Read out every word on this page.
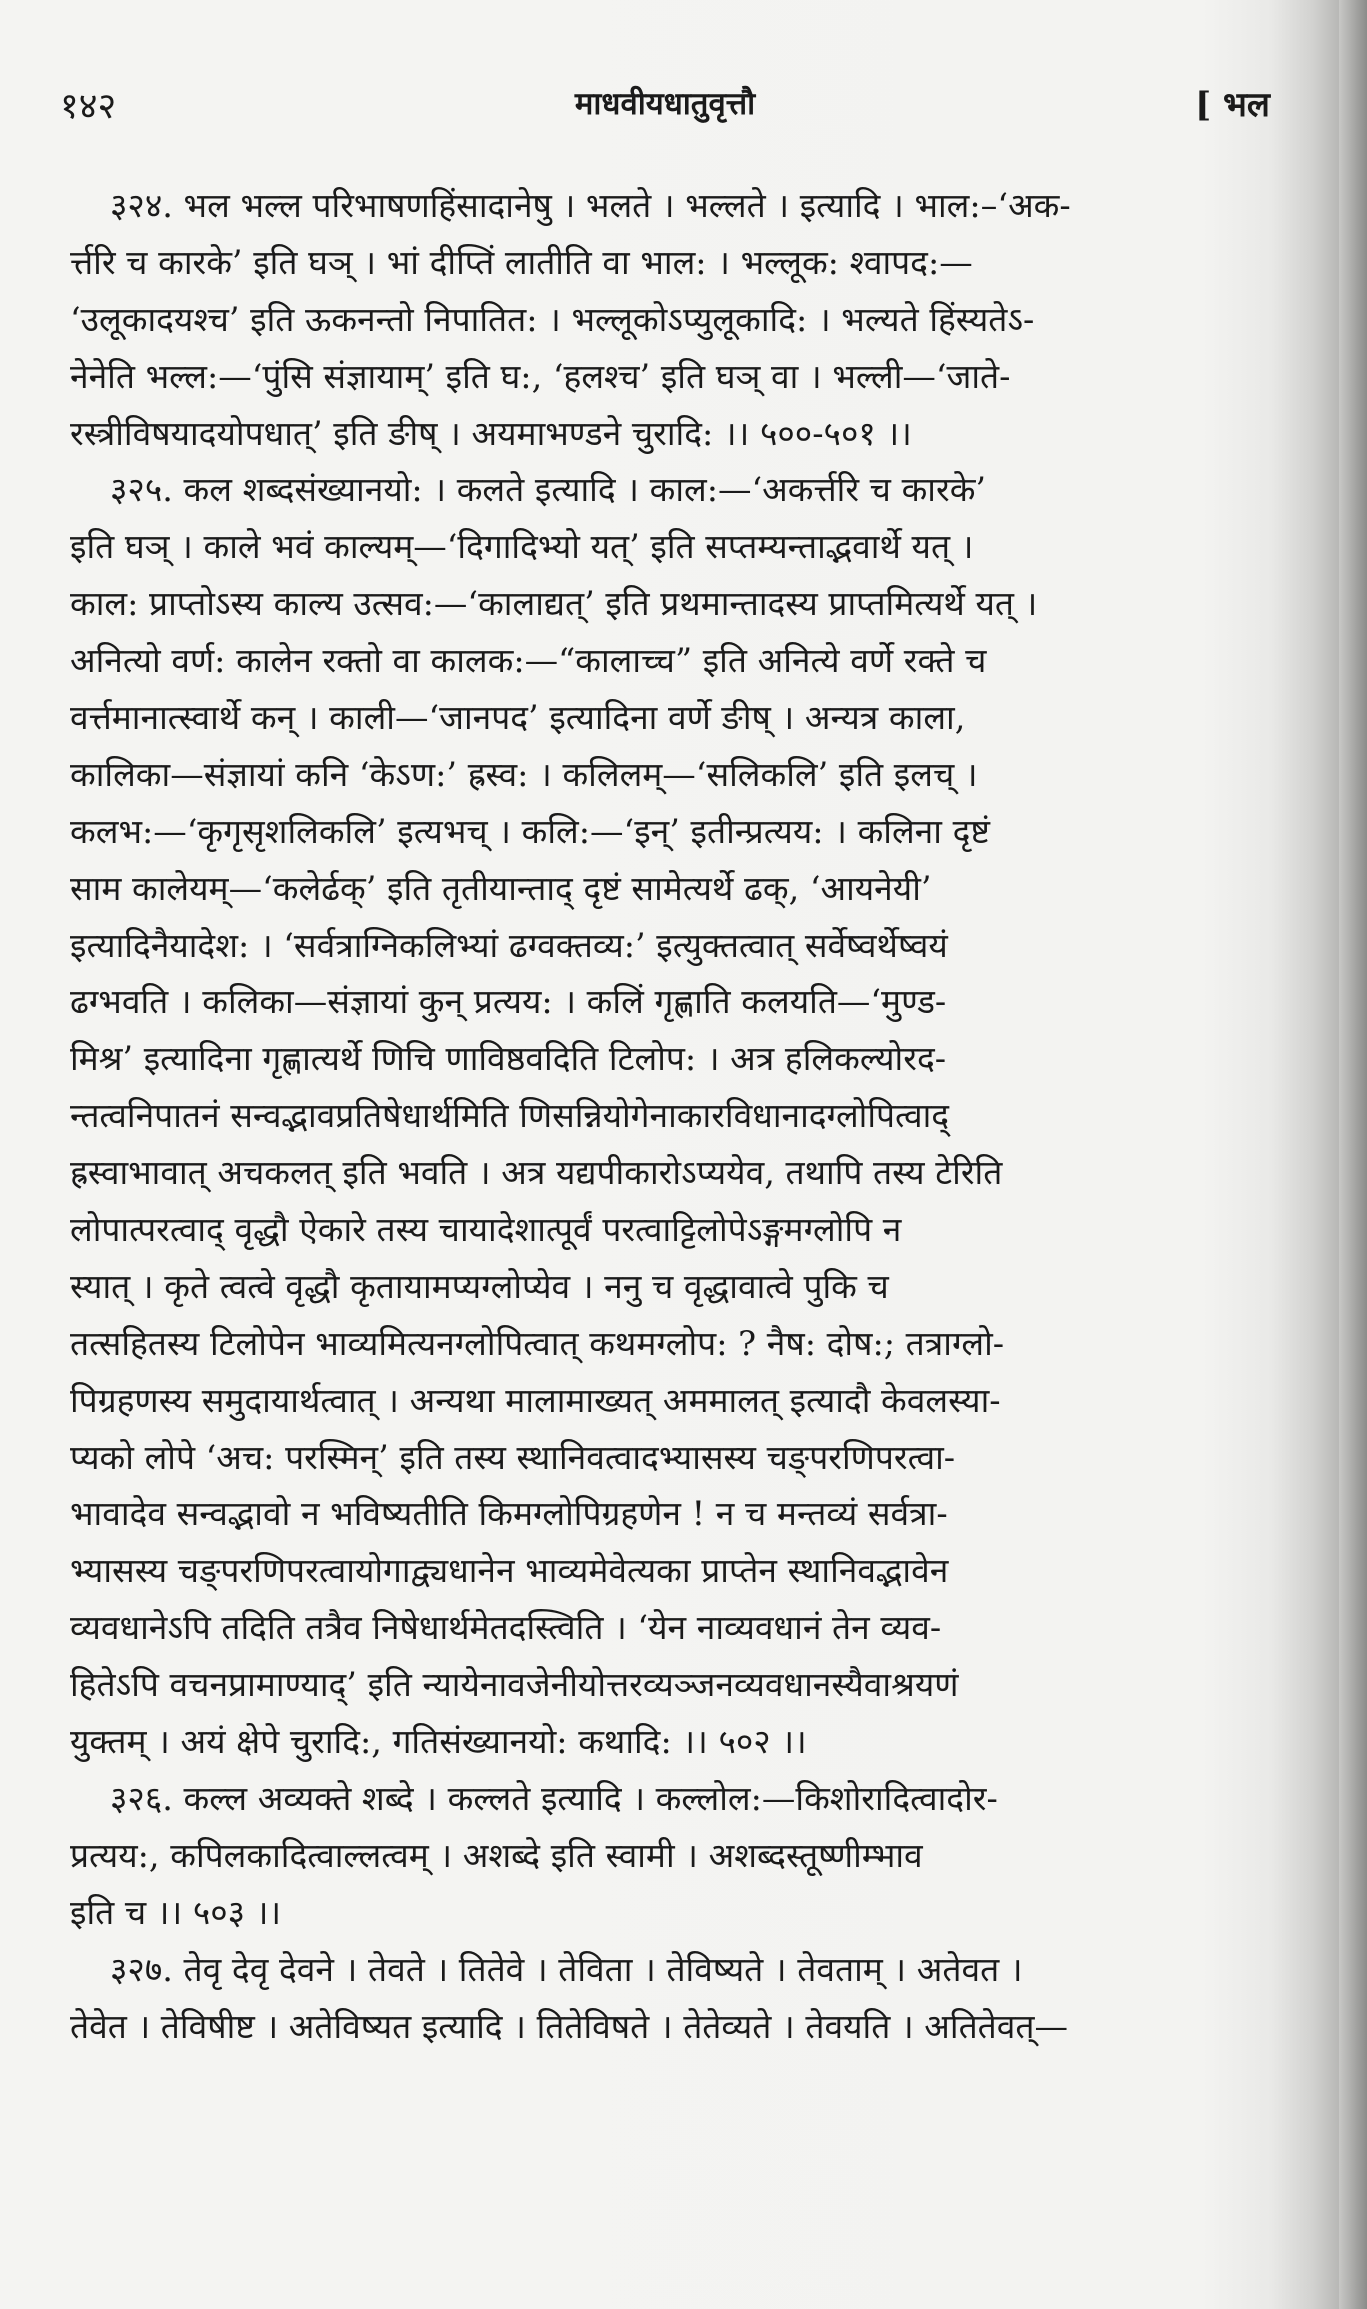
१४२	माधवीयधातुवृत्तौ	[ भल
३२४. भल भल्ल परिभाषणहिंसादानेषु । भलते । भल्लते । इत्यादि । भाल:–‘अक-
र्त्तरि च कारके’ इति घञ् । भां दीप्तिं लातीति वा भाल: । भल्लूक: श्वापद:—
‘उलूकादयश्च’ इति ऊकनन्तो निपातित: । भल्लूकोऽप्युलूकादि: । भल्यते हिंस्यतेऽ-
नेनेति भल्ल:—‘पुंसि संज्ञायाम्’ इति घ:, ‘हलश्च’ इति घञ् वा । भल्ली—‘जाते-
रस्त्रीविषयादयोपधात्’ इति ङीष् । अयमाभण्डने चुरादि: ।। ५००-५०१ ।।
३२५. कल शब्दसंख्यानयो: । कलते इत्यादि । काल:—‘अकर्त्तरि च कारके’
इति घञ् । काले भवं काल्यम्—‘दिगादिभ्यो यत्’ इति सप्तम्यन्ताद्भवार्थे यत् ।
काल: प्राप्तोऽस्य काल्य उत्सव:—‘कालाद्यत्’ इति प्रथमान्तादस्य प्राप्तमित्यर्थे यत् ।
अनित्यो वर्ण: कालेन रक्तो वा कालक:—“कालाच्च” इति अनित्ये वर्णे रक्ते च
वर्त्तमानात्स्वार्थे कन् । काली—‘जानपद’ इत्यादिना वर्णे ङीष् । अन्यत्र काला,
कालिका—संज्ञायां कनि ‘केऽण:’ ह्रस्व: । कलिलम्—‘सलिकलि’ इति इलच् ।
कलभ:—‘कृगृसृशलिकलि’ इत्यभच् । कलि:—‘इन्’ इतीन्प्रत्यय: । कलिना दृष्टं
साम कालेयम्—‘कलेर्ढक्’ इति तृतीयान्ताद् दृष्टं सामेत्यर्थे ढक्, ‘आयनेयी’
इत्यादिनैयादेश: । ‘सर्वत्राग्निकलिभ्यां ढग्वक्तव्य:’ इत्युक्तत्वात् सर्वेष्वर्थेष्वयं
ढग्भवति । कलिका—संज्ञायां कुन् प्रत्यय: । कलिं गृह्णाति कलयति—‘मुण्ड-
मिश्र’ इत्यादिना गृह्णात्यर्थे णिचि णाविष्ठवदिति टिलोप: । अत्र हलिकल्योरद-
न्तत्वनिपातनं सन्वद्भावप्रतिषेधार्थमिति णिसन्नियोगेनाकारविधानादग्लोपित्वाद्
ह्रस्वाभावात् अचकलत् इति भवति । अत्र यद्यपीकारोऽप्ययेव, तथापि तस्य टेरिति
लोपात्परत्वाद् वृद्धौ ऐकारे तस्य चायादेशात्पूर्वं परत्वाट्टिलोपेऽङ्गमग्लोपि न
स्यात् । कृते त्वत्वे वृद्धौ कृतायामप्यग्लोप्येव । ननु च वृद्धावात्वे पुकि च
तत्सहितस्य टिलोपेन भाव्यमित्यनग्लोपित्वात् कथमग्लोप: ? नैष: दोष:; तत्राग्लो-
पिग्रहणस्य समुदायार्थत्वात् । अन्यथा मालामाख्यत् अममालत् इत्यादौ केवलस्या-
प्यको लोपे ‘अच: परस्मिन्’ इति तस्य स्थानिवत्वादभ्यासस्य चङ्परणिपरत्वा-
भावादेव सन्वद्भावो न भविष्यतीति किमग्लोपिग्रहणेन ! न च मन्तव्यं सर्वत्रा-
भ्यासस्य चङ्परणिपरत्वायोगाद्व्यधानेन भाव्यमेवेत्यका प्राप्तेन स्थानिवद्भावेन
व्यवधानेऽपि तदिति तत्रैव निषेधार्थमेतदस्त्विति । ‘येन नाव्यवधानं तेन व्यव-
हितेऽपि वचनप्रामाण्याद्’ इति न्यायेनावजेनीयोत्तरव्यञ्जनव्यवधानस्यैवाश्रयणं
युक्तम् । अयं क्षेपे चुरादि:, गतिसंख्यानयो: कथादि: ।। ५०२ ।।
३२६. कल्ल अव्यक्ते शब्दे । कल्लते इत्यादि । कल्लोल:—किशोरादित्वादोर-
प्रत्यय:, कपिलकादित्वाल्लत्वम् । अशब्दे इति स्वामी । अशब्दस्तूष्णीम्भाव
इति च ।। ५०३ ।।
३२७. तेवृ देवृ देवने । तेवते । तितेवे । तेविता । तेविष्यते । तेवताम् । अतेवत ।
तेवेत । तेविषीष्ट । अतेविष्यत इत्यादि । तितेविषते । तेतेव्यते । तेवयति । अतितेवत्—
